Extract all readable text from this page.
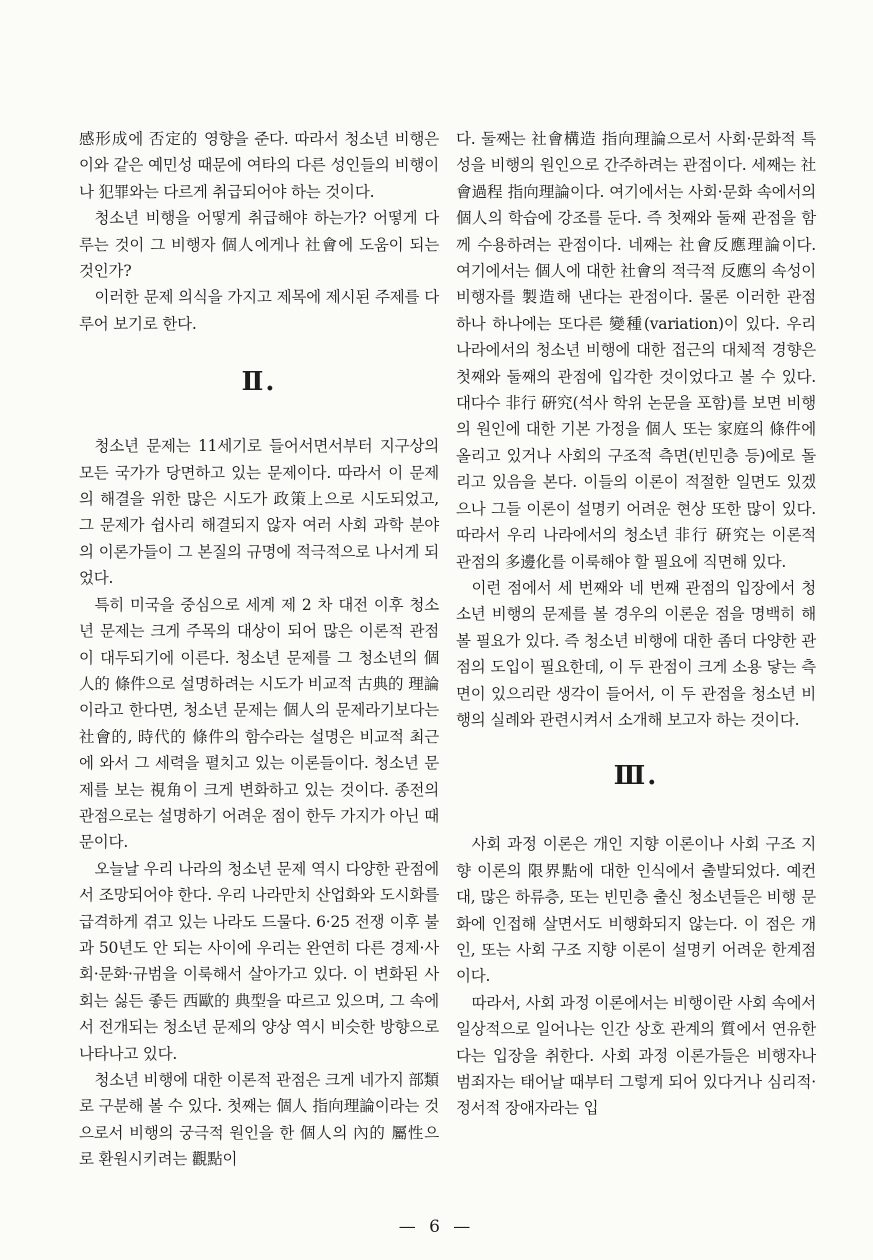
感形成에 否定的 영향을 준다. 따라서 청소년 비행은 이와 같은 예민성 때문에 여타의 다른 성인들의 비행이나 犯罪와는 다르게 취급되어야 하는 것이다.

청소년 비행을 어떻게 취급해야 하는가? 어떻게 다루는 것이 그 비행자 個人에게나 社會에 도움이 되는 것인가?

이러한 문제 의식을 가지고 제목에 제시된 주제를 다루어 보기로 한다.

Ⅱ.

청소년 문제는 11세기로 들어서면서부터 지구상의 모든 국가가 당면하고 있는 문제이다. 따라서 이 문제의 해결을 위한 많은 시도가 政策上으로 시도되었고, 그 문제가 쉽사리 해결되지 않자 여러 사회 과학 분야의 이론가들이 그 본질의 규명에 적극적으로 나서게 되었다.

특히 미국을 중심으로 세계 제 2 차 대전 이후 청소년 문제는 크게 주목의 대상이 되어 많은 이론적 관점이 대두되기에 이른다. 청소년 문제를 그 청소년의 個人的 條件으로 설명하려는 시도가 비교적 古典的 理論이라고 한다면, 청소년 문제는 個人의 문제라기보다는 社會的, 時代的 條件의 함수라는 설명은 비교적 최근에 와서 그 세력을 펼치고 있는 이론들이다. 청소년 문제를 보는 視角이 크게 변화하고 있는 것이다. 종전의 관점으로는 설명하기 어려운 점이 한두 가지가 아닌 때문이다.

오늘날 우리 나라의 청소년 문제 역시 다양한 관점에서 조망되어야 한다. 우리 나라만치 산업화와 도시화를 급격하게 겪고 있는 나라도 드물다. 6·25 전쟁 이후 불과 50년도 안 되는 사이에 우리는 완연히 다른 경제·사회·문화·규범을 이룩해서 살아가고 있다. 이 변화된 사회는 싫든 좋든 西歐的 典型을 따르고 있으며, 그 속에서 전개되는 청소년 문제의 양상 역시 비슷한 방향으로 나타나고 있다.

청소년 비행에 대한 이론적 관점은 크게 네가지 部類로 구분해 볼 수 있다. 첫째는 個人 指向理論이라는 것으로서 비행의 궁극적 원인을 한 個人의 內的 屬性으로 환원시키려는 觀點이

다. 둘째는 社會構造 指向理論으로서 사회·문화적 특성을 비행의 원인으로 간주하려는 관점이다. 세째는 社會過程 指向理論이다. 여기에서는 사회·문화 속에서의 個人의 학습에 강조를 둔다. 즉 첫째와 둘째 관점을 함께 수용하려는 관점이다. 네째는 社會反應理論이다. 여기에서는 個人에 대한 社會의 적극적 反應의 속성이 비행자를 製造해 낸다는 관점이다. 물론 이러한 관점 하나 하나에는 또다른 變種(variation)이 있다. 우리 나라에서의 청소년 비행에 대한 접근의 대체적 경향은 첫째와 둘째의 관점에 입각한 것이었다고 볼 수 있다. 대다수 非行 硏究(석사 학위 논문을 포함)를 보면 비행의 원인에 대한 기본 가정을 個人 또는 家庭의 條件에 올리고 있거나 사회의 구조적 측면(빈민층 등)에로 돌리고 있음을 본다. 이들의 이론이 적절한 일면도 있겠으나 그들 이론이 설명키 어려운 현상 또한 많이 있다. 따라서 우리 나라에서의 청소년 非行 硏究는 이론적 관점의 多邊化를 이룩해야 할 필요에 직면해 있다.

이런 점에서 세 번째와 네 번째 관점의 입장에서 청소년 비행의 문제를 볼 경우의 이론운 점을 명백히 해 볼 필요가 있다. 즉 청소년 비행에 대한 좀더 다양한 관점의 도입이 필요한데, 이 두 관점이 크게 소용 닿는 측면이 있으리란 생각이 들어서, 이 두 관점을 청소년 비행의 실례와 관련시켜서 소개해 보고자 하는 것이다.

Ⅲ.

사회 과정 이론은 개인 지향 이론이나 사회 구조 지향 이론의 限界點에 대한 인식에서 출발되었다. 예컨대, 많은 하류층, 또는 빈민층 출신 청소년들은 비행 문화에 인접해 살면서도 비행화되지 않는다. 이 점은 개인, 또는 사회 구조 지향 이론이 설명키 어려운 한계점이다.

따라서, 사회 과정 이론에서는 비행이란 사회 속에서 일상적으로 일어나는 인간 상호 관계의 質에서 연유한다는 입장을 취한다. 사회 과정 이론가들은 비행자나 범죄자는 태어날 때부터 그렇게 되어 있다거나 심리적·정서적 장애자라는 입

— 6 —
